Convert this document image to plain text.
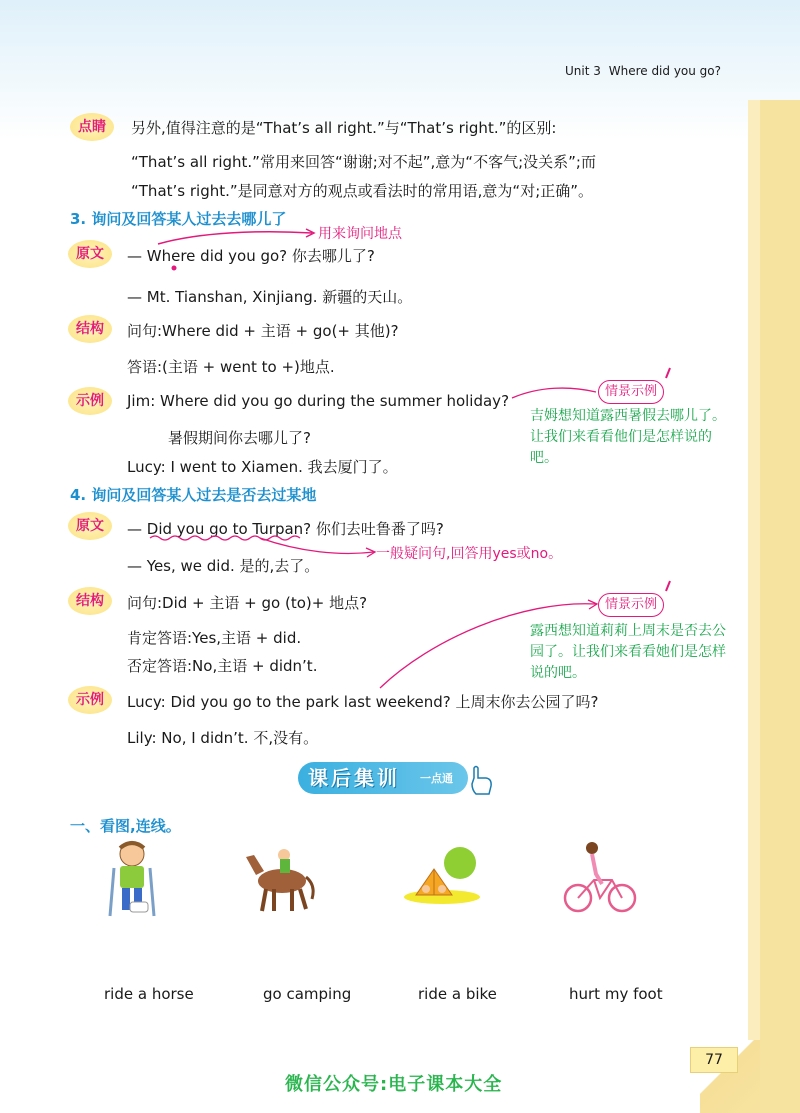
Unit 3 Where did you go?
点睛	另外,值得注意的是“That’s all right.”与“That’s right.”的区别:
“That’s all right.”常用来回答“谢谢;对不起”,意为“不客气;没关系”;而
“That’s right.”是同意对方的观点或看法时的常用语,意为“对;正确”。
3. 询问及回答某人过去去哪儿了
用来询问地点
原文	— Where did you go? 你去哪儿了?
— Mt. Tianshan, Xinjiang. 新疆的天山。
结构	问句:Where did + 主语 + go(+ 其他)?
答语:(主语 + went to +)地点.
示例	Jim: Where did you go during the summer holiday?
暑假期间你去哪儿了?
Lucy: I went to Xiamen. 我去厦门了。
情景示例
吉姆想知道露西暑假去哪儿了。让我们来看看他们是怎样说的吧。
4. 询问及回答某人过去是否去过某地
原文	— Did you go to Turpan? 你们去吐鲁番了吗?
— Yes, we did. 是的,去了。
一般疑问句,回答用yes或no。
结构	问句:Did + 主语 + go (to)+ 地点?
肯定答语:Yes,主语 + did.
否定答语:No,主语 + didn’t.
示例	Lucy: Did you go to the park last weekend? 上周末你去公园了吗?
Lily: No, I didn’t. 不,没有。
情景示例
露西想知道莉莉上周末是否去公园了。让我们来看看她们是怎样说的吧。
课后集训 一点通
一、看图,连线。
ride a horse	go camping	ride a bike	hurt my foot
77
微信公众号:电子课本大全
